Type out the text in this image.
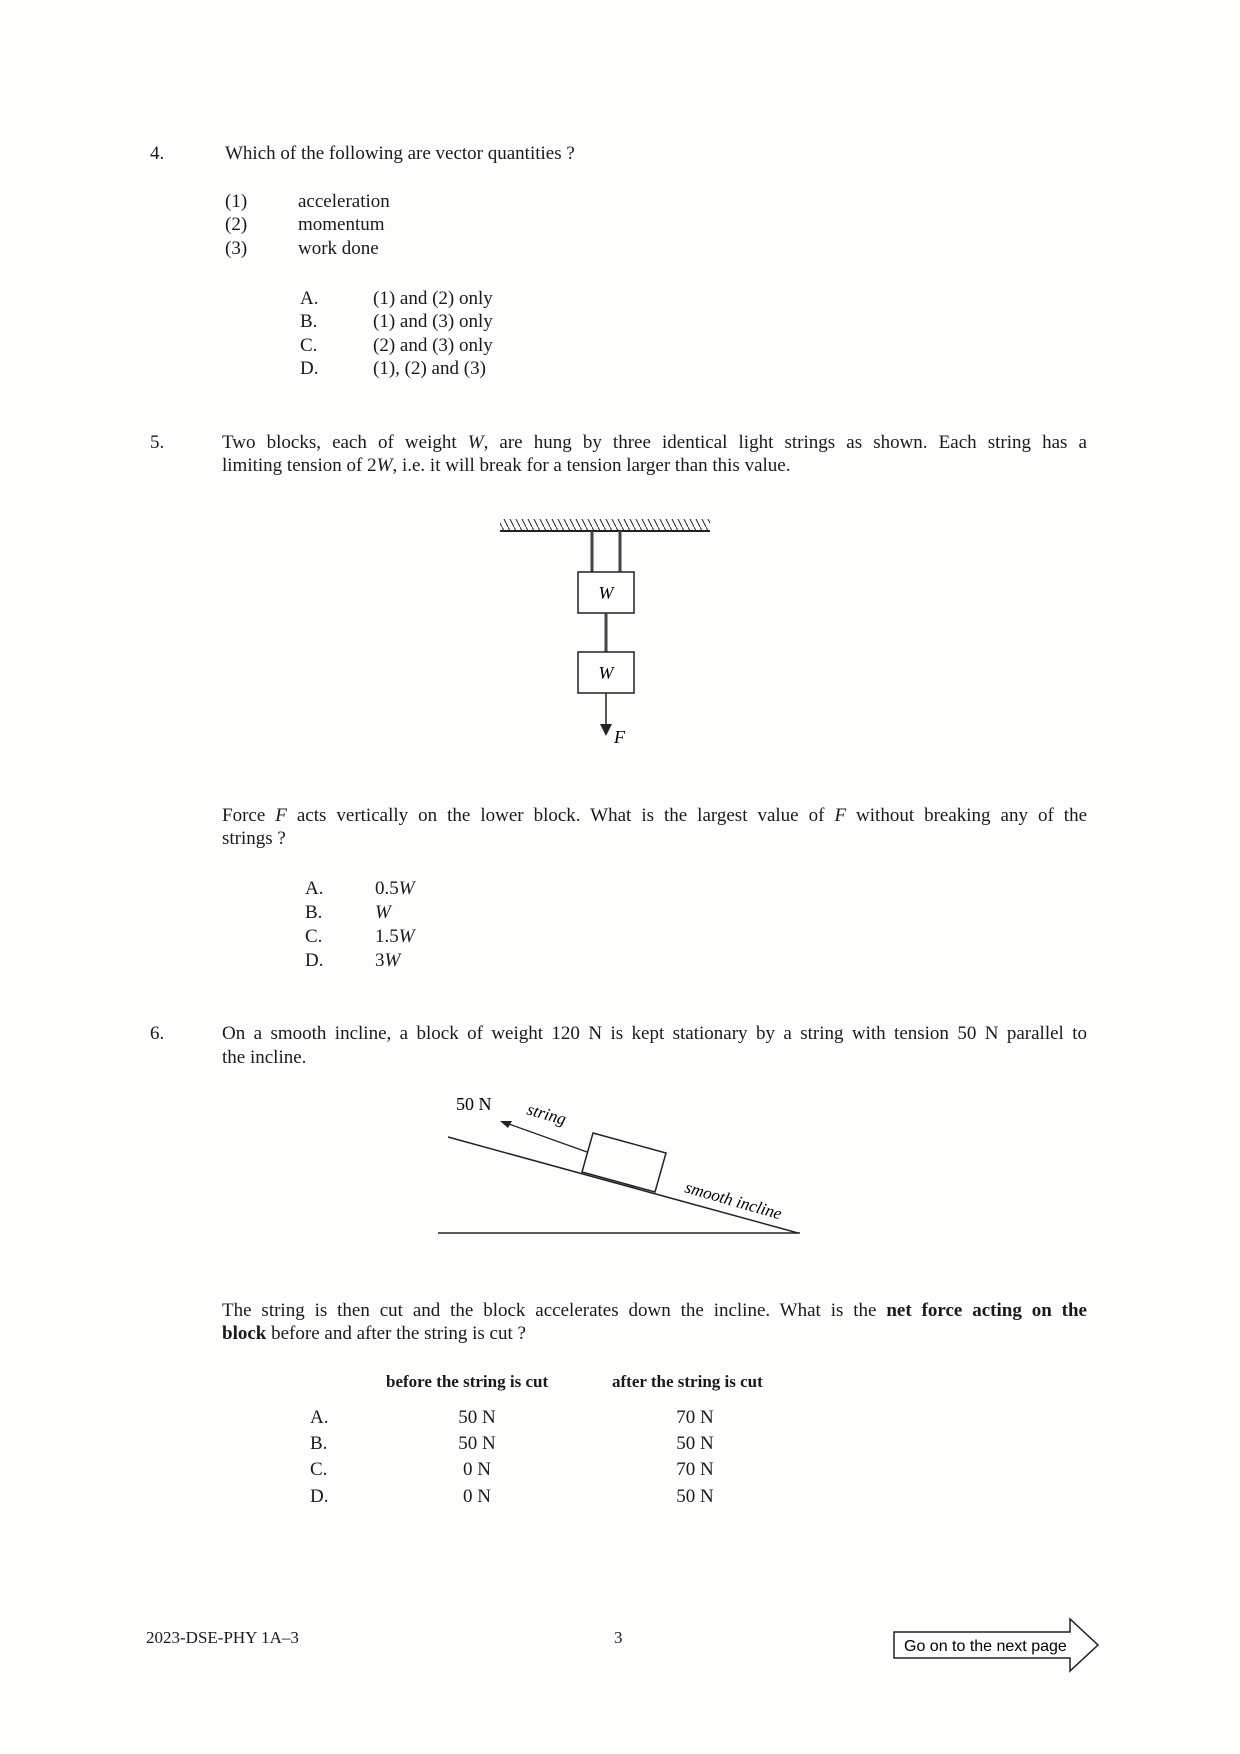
4.	Which of the following are vector quantities ?
(1)	acceleration
(2)	momentum
(3)	work done
A.	(1) and (2) only
B.	(1) and (3) only
C.	(2) and (3) only
D.	(1), (2) and (3)
5.	Two blocks, each of weight W, are hung by three identical light strings as shown. Each string has a
limiting tension of 2W, i.e. it will break for a tension larger than this value.
W
W
F
Force F acts vertically on the lower block. What is the largest value of F without breaking any of the
strings ?
A.	0.5W
B.	W
C.	1.5W
D.	3W
6.	On a smooth incline, a block of weight 120 N is kept stationary by a string with tension 50 N parallel to
the incline.
50 N string
smooth incline
The string is then cut and the block accelerates down the incline. What is the net force acting on the
block before and after the string is cut ?
before the string is cut	after the string is cut
A.	50 N	70 N
B.	50 N	50 N
C.	0 N	70 N
D.	0 N	50 N
2023-DSE-PHY 1A–3	3	Go on to the next page
